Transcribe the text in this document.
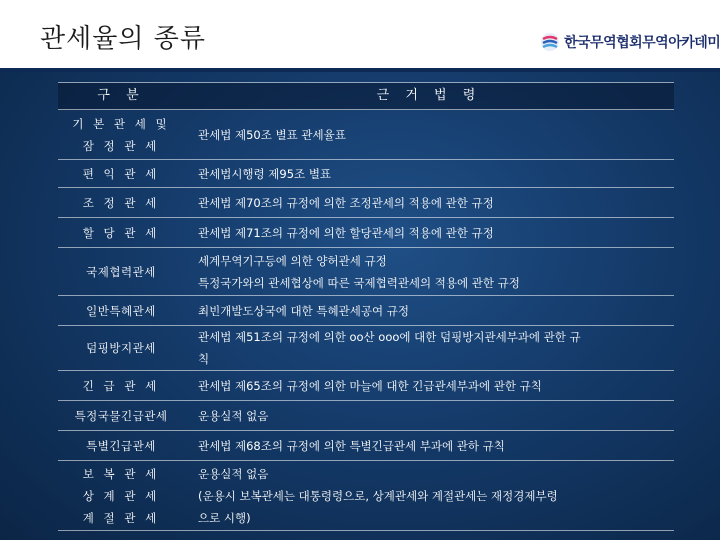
관세율의 종류	한국무역협회무역아카데미
구 분	근 거 법 령

기 본 관 세 및
잠 정 관 세	관세법 제50조 별표 관세율표

편 익 관 세	관세법시행령 제95조 별표

조 정 관 세	관세법 제70조의 규정에 의한 조정관세의 적용에 관한 규정

할 당 관 세	관세법 제71조의 규정에 의한 할당관세의 적용에 관한 규정

국제협력관세	세계무역기구등에 의한 양허관세 규정
특정국가와의 관세협상에 따른 국제협력관세의 적용에 관한 규정

일반특혜관세	최빈개발도상국에 대한 특혜관세공여 규정

덤핑방지관세	관세법 제51조의 규정에 의한 oo산 ooo에 대한 덤핑방지관세부과에 관한 규
칙

긴 급 관 세	관세법 제65조의 규정에 의한 마늘에 대한 긴급관세부과에 관한 규칙

특정국물긴급관세	운용실적 없음

특별긴급관세	관세법 제68조의 규정에 의한 특별긴급관세 부과에 관하 규칙

보 복 관 세
상 계 관 세
계 절 관 세	운용실적 없음
(운용시 보복관세는 대통령령으로, 상계관세와 계절관세는 재정경제부령
으로 시행)
